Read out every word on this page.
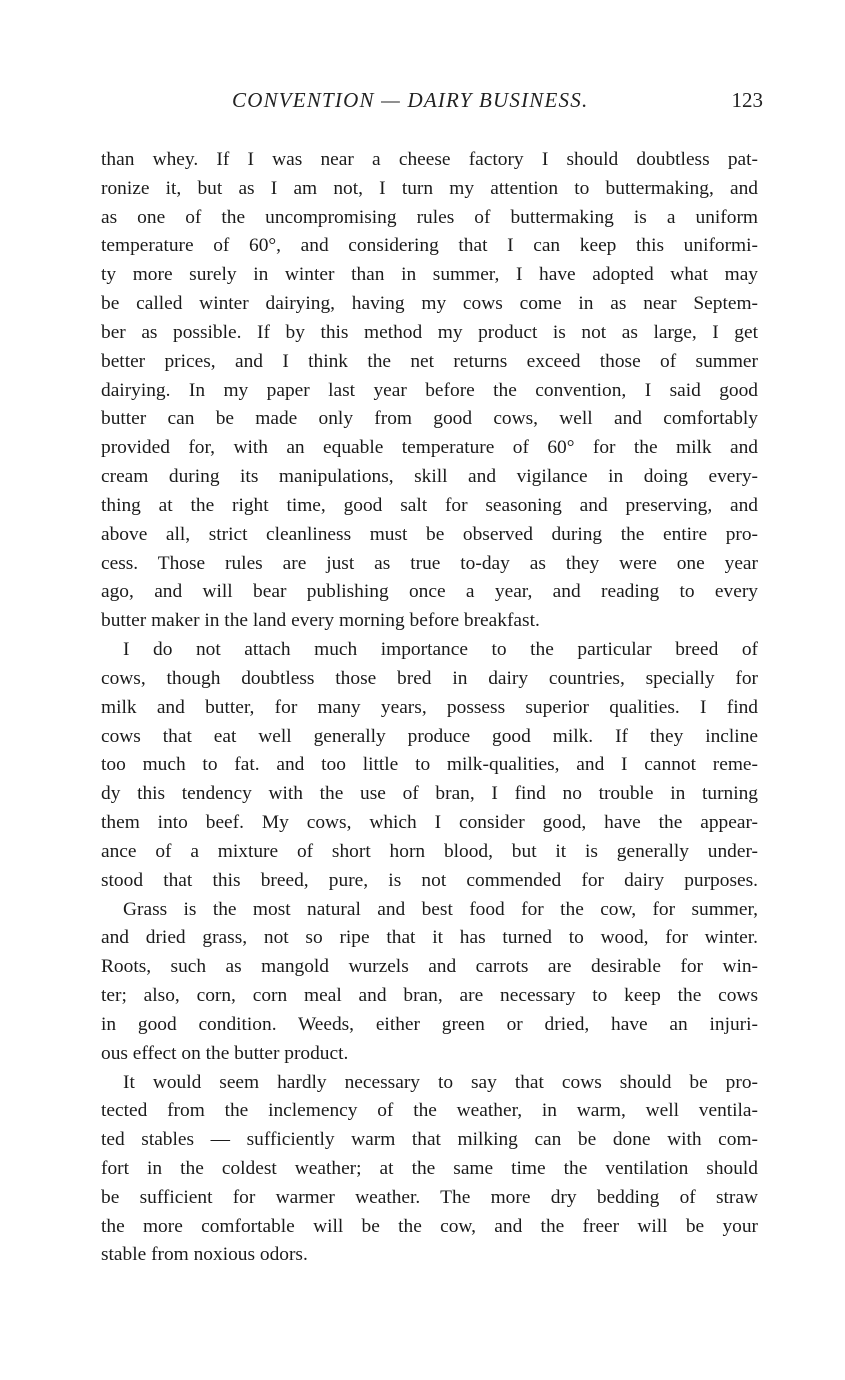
CONVENTION — DAIRY BUSINESS.	123
than whey. If I was near a cheese factory I should doubtless pat-
ronize it, but as I am not, I turn my attention to buttermaking, and
as one of the uncompromising rules of buttermaking is a uniform
temperature of 60°, and considering that I can keep this uniformi-
ty more surely in winter than in summer, I have adopted what may
be called winter dairying, having my cows come in as near Septem-
ber as possible. If by this method my product is not as large, I get
better prices, and I think the net returns exceed those of summer
dairying. In my paper last year before the convention, I said good
butter can be made only from good cows, well and comfortably
provided for, with an equable temperature of 60° for the milk and
cream during its manipulations, skill and vigilance in doing every-
thing at the right time, good salt for seasoning and preserving, and
above all, strict cleanliness must be observed during the entire pro-
cess. Those rules are just as true to-day as they were one year
ago, and will bear publishing once a year, and reading to every
butter maker in the land every morning before breakfast.
I do not attach much importance to the particular breed of
cows, though doubtless those bred in dairy countries, specially for
milk and butter, for many years, possess superior qualities. I find
cows that eat well generally produce good milk. If they incline
too much to fat. and too little to milk-qualities, and I cannot reme-
dy this tendency with the use of bran, I find no trouble in turning
them into beef. My cows, which I consider good, have the appear-
ance of a mixture of short horn blood, but it is generally under-
stood that this breed, pure, is not commended for dairy purposes.
Grass is the most natural and best food for the cow, for summer,
and dried grass, not so ripe that it has turned to wood, for winter.
Roots, such as mangold wurzels and carrots are desirable for win-
ter; also, corn, corn meal and bran, are necessary to keep the cows
in good condition. Weeds, either green or dried, have an injuri-
ous effect on the butter product.
It would seem hardly necessary to say that cows should be pro-
tected from the inclemency of the weather, in warm, well ventila-
ted stables — sufficiently warm that milking can be done with com-
fort in the coldest weather; at the same time the ventilation should
be sufficient for warmer weather. The more dry bedding of straw
the more comfortable will be the cow, and the freer will be your
stable from noxious odors.
